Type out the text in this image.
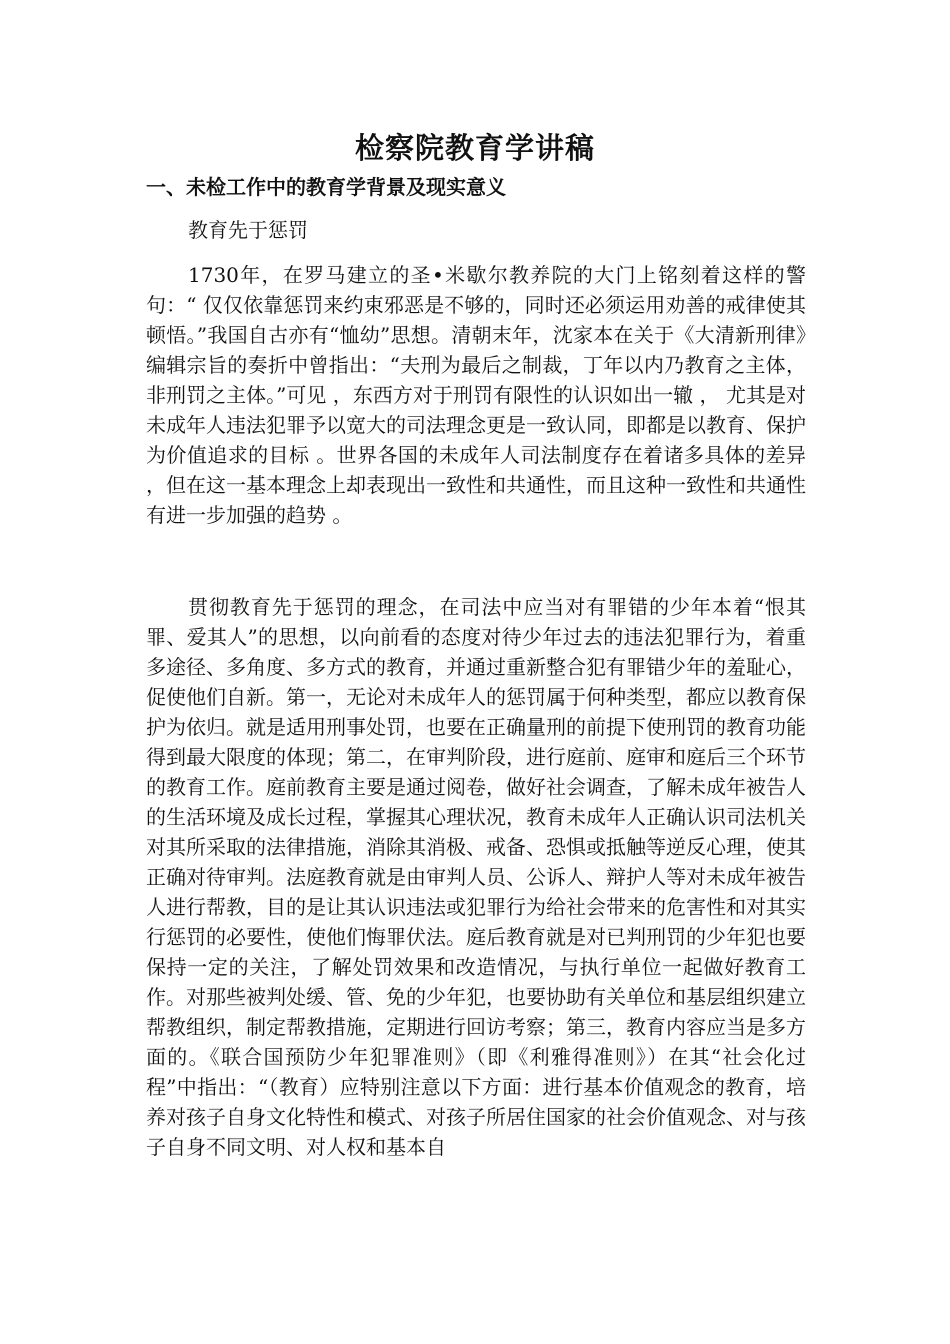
检察院教育学讲稿
一、未检工作中的教育学背景及现实意义
教育先于惩罚

1730年，在罗马建立的圣•米歇尔教养院的大门上铭刻着这样的警句：“ 仅仅依靠惩罚来约束邪恶是不够的，同时还必须运用劝善的戒律使其顿悟。”我国自古亦有“恤幼”思想。清朝末年，沈家本在关于《大清新刑律》编辑宗旨的奏折中曾指出：“夫刑为最后之制裁，丁年以内乃教育之主体，非刑罚之主体。”可见 ，东西方对于刑罚有限性的认识如出一辙 ， 尤其是对未成年人违法犯罪予以宽大的司法理念更是一致认同，即都是以教育、保护为价值追求的目标 。世界各国的未成年人司法制度存在着诸多具体的差异 ，但在这一基本理念上却表现出一致性和共通性，而且这种一致性和共通性有进一步加强的趋势 。

贯彻教育先于惩罚的理念，在司法中应当对有罪错的少年本着“恨其罪、爱其人”的思想，以向前看的态度对待少年过去的违法犯罪行为，着重多途径、多角度、多方式的教育，并通过重新整合犯有罪错少年的羞耻心，促使他们自新。第一，无论对未成年人的惩罚属于何种类型，都应以教育保护为依归。就是适用刑事处罚，也要在正确量刑的前提下使刑罚的教育功能得到最大限度的体现；第二，在审判阶段，进行庭前、庭审和庭后三个环节的教育工作。庭前教育主要是通过阅卷，做好社会调查，了解未成年被告人的生活环境及成长过程，掌握其心理状况，教育未成年人正确认识司法机关对其所采取的法律措施，消除其消极、戒备、恐惧或抵触等逆反心理，使其正确对待审判。法庭教育就是由审判人员、公诉人、辩护人等对未成年被告人进行帮教，目的是让其认识违法或犯罪行为给社会带来的危害性和对其实行惩罚的必要性，使他们悔罪伏法。庭后教育就是对已判刑罚的少年犯也要保持一定的关注，了解处罚效果和改造情况，与执行单位一起做好教育工作。对那些被判处缓、管、免的少年犯，也要协助有关单位和基层组织建立帮教组织，制定帮教措施，定期进行回访考察；第三，教育内容应当是多方面的。《联合国预防少年犯罪准则》（即《利雅得准则》）在其“社会化过程”中指出：“（教育）应特别注意以下方面：进行基本价值观念的教育，培养对孩子自身文化特性和模式、对孩子所居住国家的社会价值观念、对与孩子自身不同文明、对人权和基本自
